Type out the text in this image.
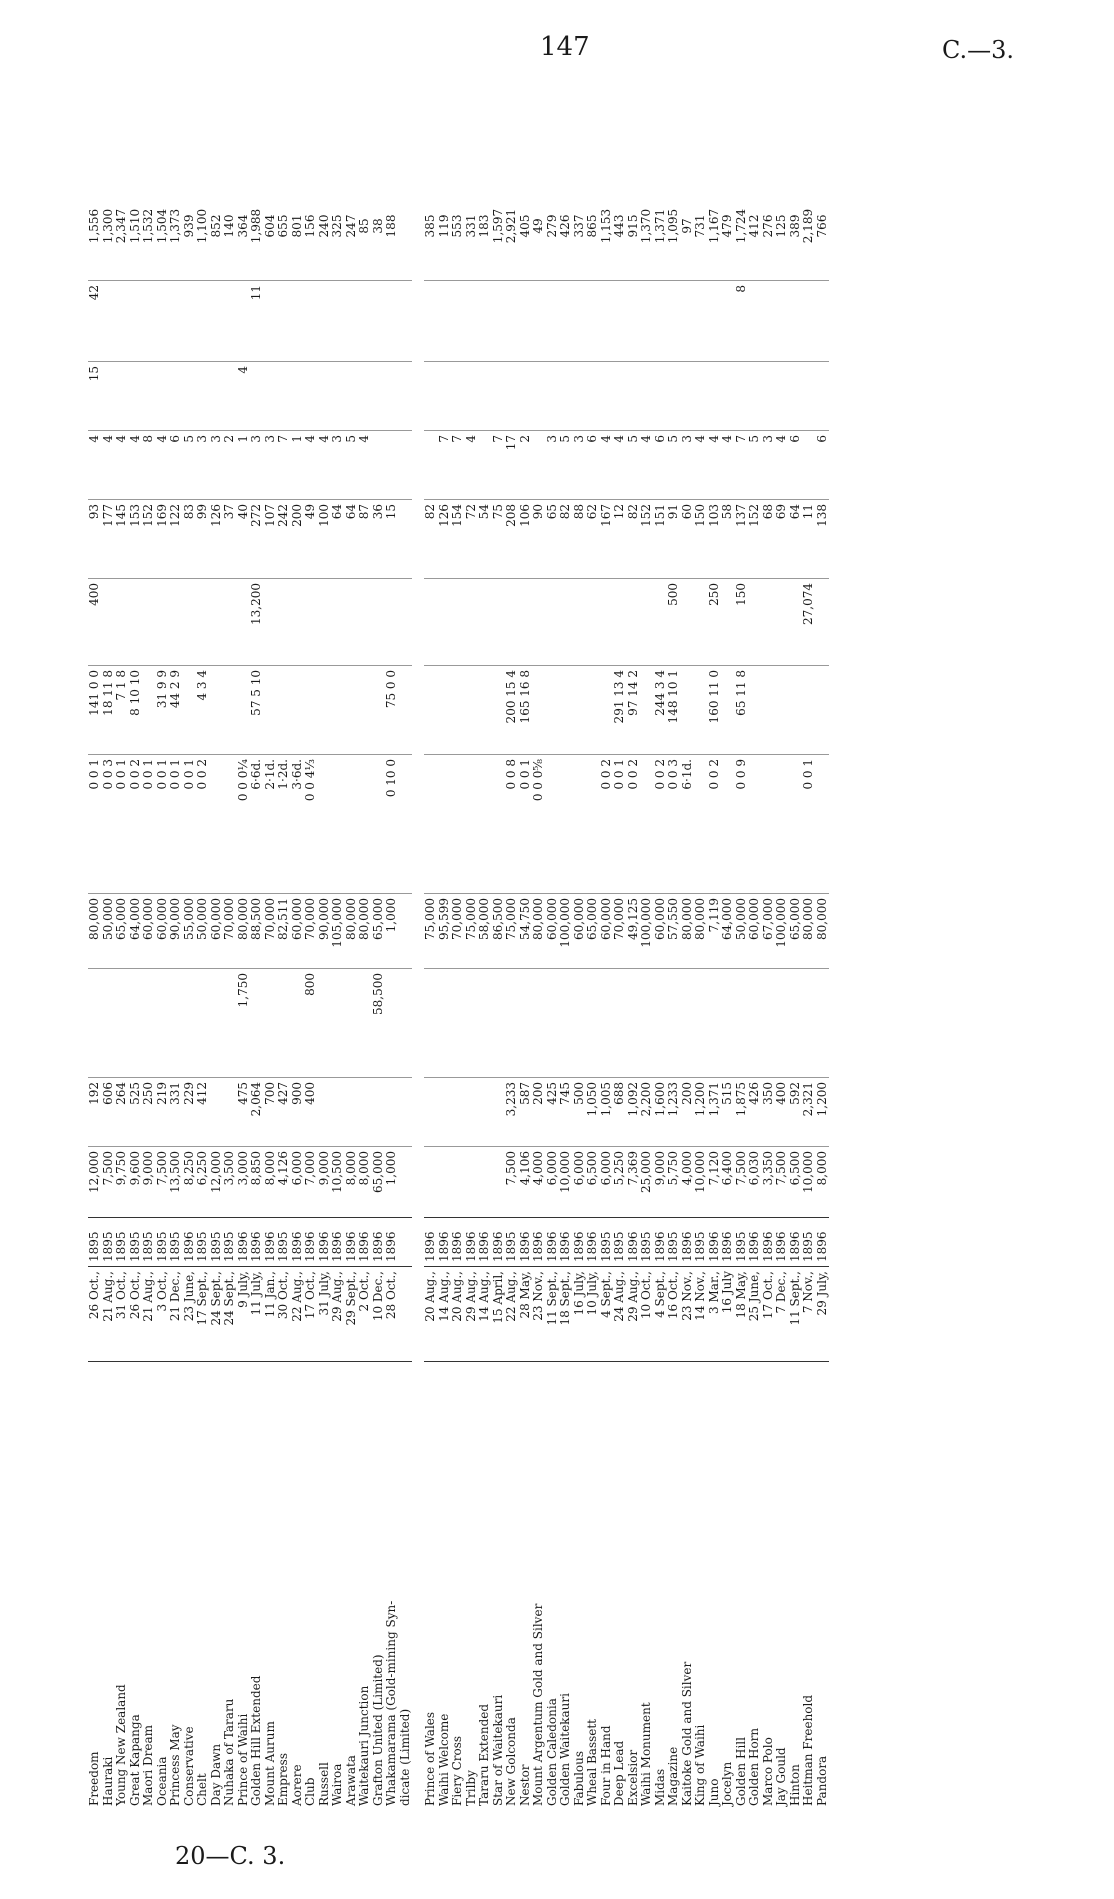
147	C.—3.
20—C. 3.
Freedom	26 Oct.,	1895	12,000	192		80,000	0 0 1	141 0 0	400	93	4	15	42	1,556
Hauraki	21 Aug.,	1895	7,500	606		50,000	0 0 3	18 11 8		177	4			1,300
Young New Zealand	31 Oct.,	1895	9,750	264		65,000	0 0 1	7 1 8		145	4			2,347
Great Kapanga	26 Oct.,	1895	9,600	525		64,000	0 0 2	8 10 10		153	4			1,510
Maori Dream	21 Aug.,	1895	9,000	250		60,000	0 0 1			152	8			1,532
Oceania	3 Oct.,	1895	7,500	219		60,000	0 0 1	31 9 9		169	4			1,504
Princess May	21 Dec.,	1895	13,500	331		90,000	0 0 1	44 2 9		122	6			1,373
Conservative	23 June,	1896	8,250	229		55,000	0 0 1			83	5			939
Chelt	17 Sept.,	1895	6,250	412		50,000	0 0 2	4 3 4		99	3			1,100
Day Dawn	24 Sept.,	1895	12,000			60,000				126	3			852
Nuhaka of Tararu	24 Sept.,	1895	3,500			70,000				37	2			140
Prince of Waihi	9 July,	1896	3,000	475	1,750	80,000	0 0 0¼			40	1	4		364
Golden Hill Extended	11 July,	1896	8,850	2,064		88,500	6·6d.	57 5 10	13,200	272	3		11	1,988
Mount Aurum	11 Jan.,	1896	8,000	700		70,000	2·1d.			107	3			604
Empress	30 Oct.,	1895	4,126	427		82,511	1·2d.			242	7			655
Aorere	22 Aug.,	1896	6,000	900		60,000	3·6d.			200	1			801
Club	17 Oct.,	1896	7,000	400	800	70,000	0 0 4⅓			49	4			156
Russell	31 July,	1896	9,000			90,000				100	4			240
Wairoa	29 Aug.,	1896	10,500			105,000				64	3			325
Arawata	29 Sept.,	1896	8,000			80,000				64	5			247
Waitekauri Junction	2 Oct.,	1896	8,000			80,000				87	4			85
Grafton United (Limited)	10 Dec.,	1896	65,000		58,500	65,000				36				38
Whakamarama (Gold-mining Syn-	28 Oct.,	1896	1,000			1,000	0 10 0	75 0 0		15				188
dicate (Limited)														

Prince of Wales	20 Aug.,	1896				75,000				82				385
Waihi Welcome	14 Aug.,	1896				95,599				126	7			119
Fiery Cross	20 Aug.,	1896				70,000				154	7			553
Trilby	29 Aug.,	1896				75,000				72	4			331
Tararu Extended	14 Aug.,	1896				58,000				54				183
Star of Waitekauri	15 April,	1896				86,500				75	7			1,597
New Golconda	22 Aug.,	1895	7,500	3,233		75,000	0 0 8	200 15 4		208	17			2,921
Nestor	28 May,	1896	4,106	587		54,750	0 0 1	165 16 8		106	2			405
Mount Argentum Gold and Silver	23 Nov.,	1896	4,000	200		80,000	0 0 0⅝			90				49
Golden Caledonia	11 Sept.,	1896	6,000	425		60,000				65	3			279
Golden Waitekauri	18 Sept.,	1896	10,000	745		100,000				82	5			426
Fabulous	16 July,	1896	6,000	500		60,000				88	3			337
Wheal Bassett	10 July,	1896	6,500	1,050		65,000				62	6			865
Four in Hand	4 Sept.,	1895	6,000	1,005		60,000	0 0 2			167	4			1,153
Deep Lead	24 Aug.,	1895	5,250	688		70,000	0 0 1	291 13 4		12	4			443
Excelsior	29 Aug.,	1896	7,369	1,092		49,125	0 0 2	97 14 2		82	5			915
Waihi Monument	10 Oct.,	1895	25,000	2,200		100,000				152	4			1,370
Midas	4 Sept.,	1896	9,000	1,600		60,000	0 0 2	244 3 4		151	6			1,371
Magazine	16 Oct.,	1895	5,750	1,233		57,550	0 0 3	148 10 1	500	91	5			1,095
Kaitoke Gold and Silver	23 Nov.,	1896	4,000	200		80,000	6·1d.			60	3			97
King of Waihi	14 Nov.,	1895	10,000	1,200		80,000				150	4			731
Juno	3 Mar.,	1896	7,120	1,371		7,119	0 0 2	160 11 0	250	103	4			1,167
Jocelyn	16 July	1896	6,400	515		64,000				58	4			479
Golden Hill	18 May,	1895	7,500	1,875		50,000	0 0 9	65 11 8	150	137	7		8	1,724
Golden Horn	25 June,	1896	6,030	426		60,000				152	5			412
Marco Polo	17 Oct.,	1896	3,350	350		67,000				68	3			276
Jay Gould	7 Dec.,	1896	7,500	400		100,000				69	4			125
Hinton	11 Sept.,	1896	6,500	592		65,000				64	6			389
Heitman Freehold	7 Nov.,	1895	10,000	2,321		80,000	0 0 1		27,074	11				2,189
Pandora	29 July,	1896	8,000	1,200		80,000				138	6			766
